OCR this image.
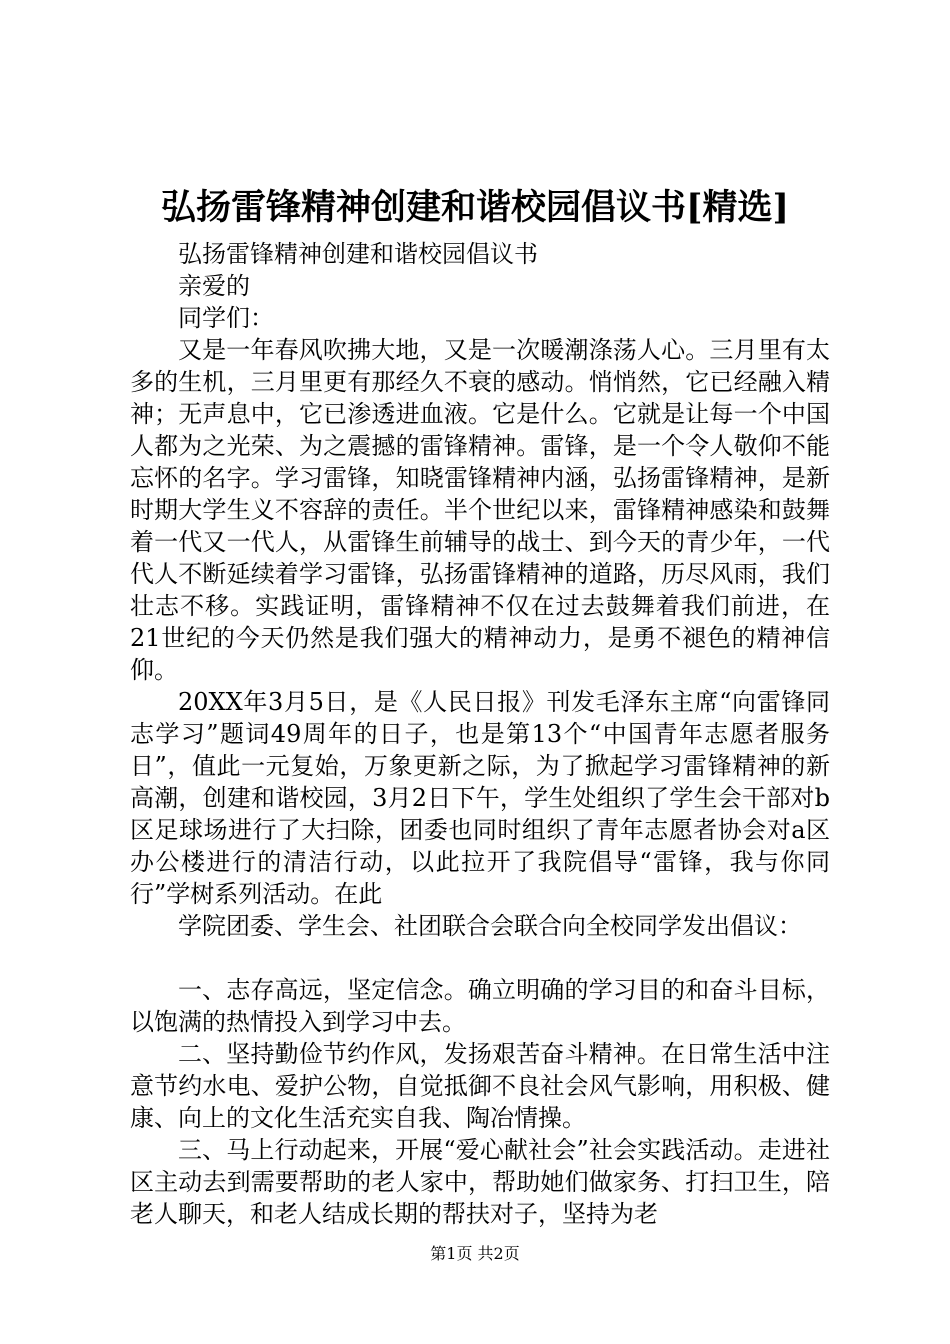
弘扬雷锋精神创建和谐校园倡议书[精选]

弘扬雷锋精神创建和谐校园倡议书

亲爱的

同学们：

又是一年春风吹拂大地，又是一次暖潮涤荡人心。三月里有太多的生机，三月里更有那经久不衰的感动。悄悄然，它已经融入精神；无声息中，它已渗透进血液。它是什么。它就是让每一个中国人都为之光荣、为之震撼的雷锋精神。雷锋，是一个令人敬仰不能忘怀的名字。学习雷锋，知晓雷锋精神内涵，弘扬雷锋精神，是新时期大学生义不容辞的责任。半个世纪以来，雷锋精神感染和鼓舞着一代又一代人，从雷锋生前辅导的战士、到今天的青少年，一代代人不断延续着学习雷锋，弘扬雷锋精神的道路，历尽风雨，我们壮志不移。实践证明，雷锋精神不仅在过去鼓舞着我们前进，在21世纪的今天仍然是我们强大的精神动力，是勇不褪色的精神信仰。

20XX年3月5日，是《人民日报》刊发毛泽东主席“向雷锋同志学习”题词49周年的日子，也是第13个“中国青年志愿者服务日”，值此一元复始，万象更新之际，为了掀起学习雷锋精神的新高潮，创建和谐校园，3月2日下午，学生处组织了学生会干部对b区足球场进行了大扫除，团委也同时组织了青年志愿者协会对a区办公楼进行的清洁行动，以此拉开了我院倡导“雷锋，我与你同行”学树系列活动。在此

学院团委、学生会、社团联合会联合向全校同学发出倡议：

一、志存高远，坚定信念。确立明确的学习目的和奋斗目标，以饱满的热情投入到学习中去。

二、坚持勤俭节约作风，发扬艰苦奋斗精神。在日常生活中注意节约水电、爱护公物，自觉抵御不良社会风气影响，用积极、健康、向上的文化生活充实自我、陶冶情操。

三、马上行动起来，开展“爱心献社会”社会实践活动。走进社区主动去到需要帮助的老人家中，帮助她们做家务、打扫卫生，陪老人聊天，和老人结成长期的帮扶对子，坚持为老

第1页 共2页
